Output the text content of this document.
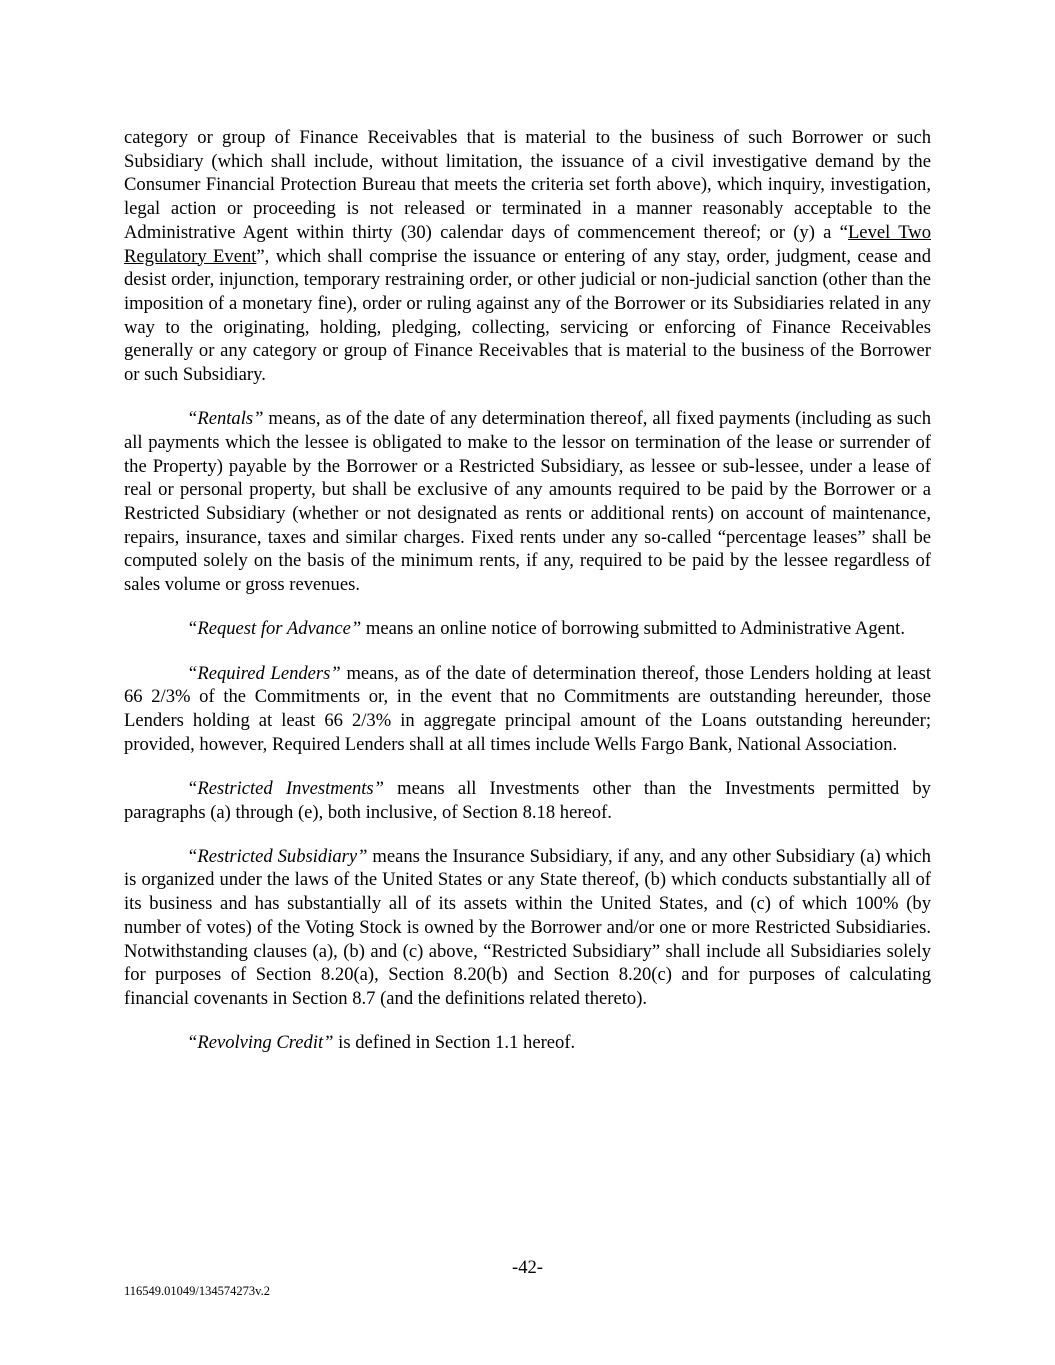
category or group of Finance Receivables that is material to the business of such Borrower or such Subsidiary (which shall include, without limitation, the issuance of a civil investigative demand by the Consumer Financial Protection Bureau that meets the criteria set forth above), which inquiry, investigation, legal action or proceeding is not released or terminated in a manner reasonably acceptable to the Administrative Agent within thirty (30) calendar days of commencement thereof; or (y) a “Level Two Regulatory Event”, which shall comprise the issuance or entering of any stay, order, judgment, cease and desist order, injunction, temporary restraining order, or other judicial or non-judicial sanction (other than the imposition of a monetary fine), order or ruling against any of the Borrower or its Subsidiaries related in any way to the originating, holding, pledging, collecting, servicing or enforcing of Finance Receivables generally or any category or group of Finance Receivables that is material to the business of the Borrower or such Subsidiary.

“Rentals” means, as of the date of any determination thereof, all fixed payments (including as such all payments which the lessee is obligated to make to the lessor on termination of the lease or surrender of the Property) payable by the Borrower or a Restricted Subsidiary, as lessee or sub-lessee, under a lease of real or personal property, but shall be exclusive of any amounts required to be paid by the Borrower or a Restricted Subsidiary (whether or not designated as rents or additional rents) on account of maintenance, repairs, insurance, taxes and similar charges. Fixed rents under any so-called “percentage leases” shall be computed solely on the basis of the minimum rents, if any, required to be paid by the lessee regardless of sales volume or gross revenues.

“Request for Advance” means an online notice of borrowing submitted to Administrative Agent.

“Required Lenders” means, as of the date of determination thereof, those Lenders holding at least 66 2/3% of the Commitments or, in the event that no Commitments are outstanding hereunder, those Lenders holding at least 66 2/3% in aggregate principal amount of the Loans outstanding hereunder; provided, however, Required Lenders shall at all times include Wells Fargo Bank, National Association.

“Restricted Investments” means all Investments other than the Investments permitted by paragraphs (a) through (e), both inclusive, of Section 8.18 hereof.

“Restricted Subsidiary” means the Insurance Subsidiary, if any, and any other Subsidiary (a) which is organized under the laws of the United States or any State thereof, (b) which conducts substantially all of its business and has substantially all of its assets within the United States, and (c) of which 100% (by number of votes) of the Voting Stock is owned by the Borrower and/or one or more Restricted Subsidiaries. Notwithstanding clauses (a), (b) and (c) above, “Restricted Subsidiary” shall include all Subsidiaries solely for purposes of Section 8.20(a), Section 8.20(b) and Section 8.20(c) and for purposes of calculating financial covenants in Section 8.7 (and the definitions related thereto).

“Revolving Credit” is defined in Section 1.1 hereof.

-42-
116549.01049/134574273v.2
